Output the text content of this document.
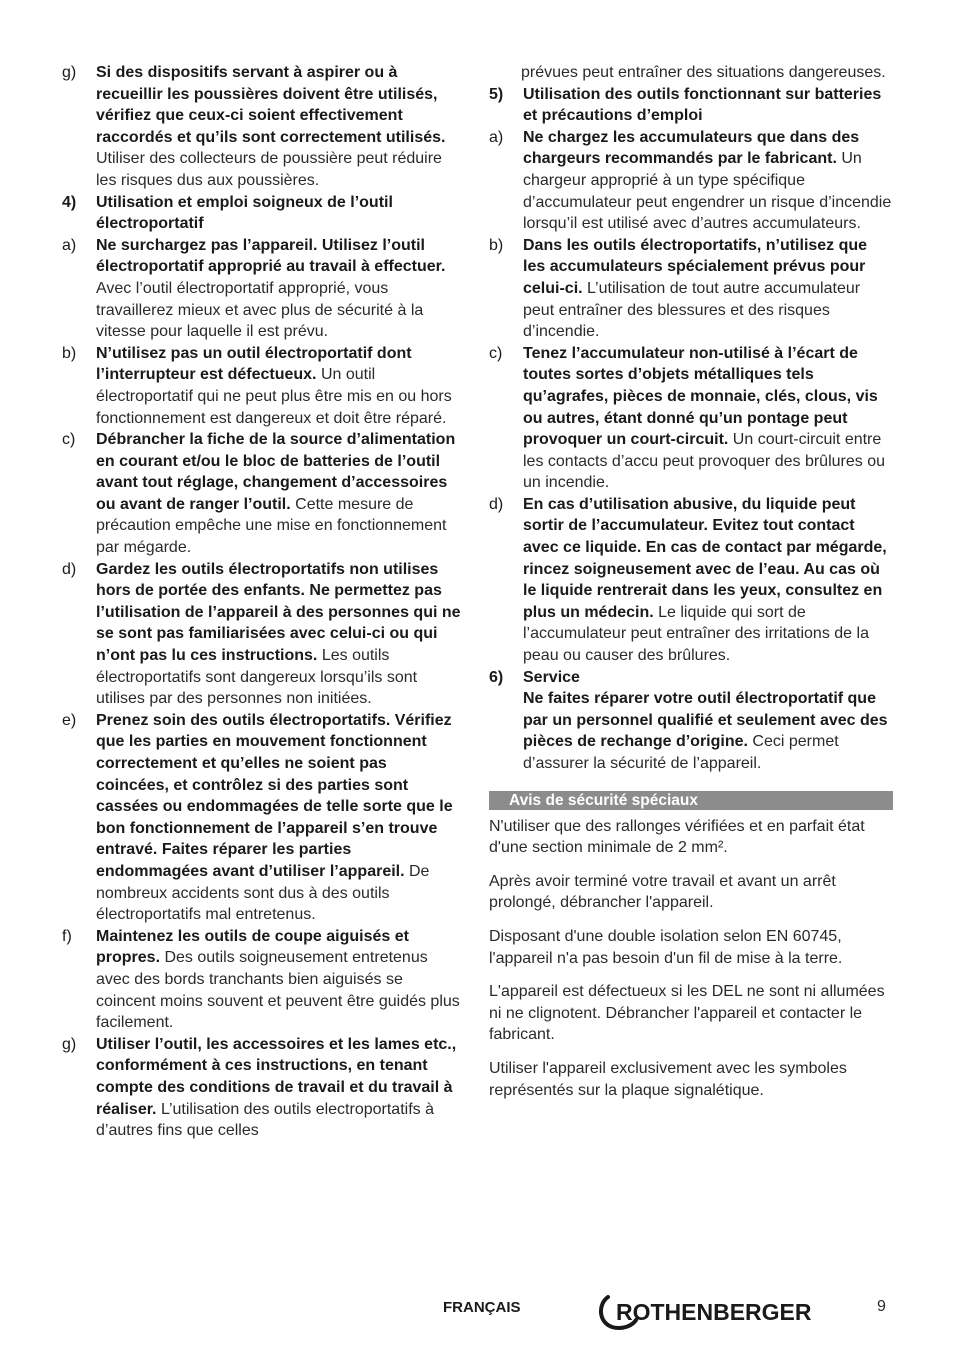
g) Si des dispositifs servant à aspirer ou à recueillir les poussières doivent être utilisés, vérifiez que ceux-ci soient effectivement raccordés et qu’ils sont correctement utilisés. Utiliser des collecteurs de poussière peut réduire les risques dus aux poussières.
4) Utilisation et emploi soigneux de l’outil électroportatif
a) Ne surchargez pas l’appareil. Utilisez l’outil électroportatif approprié au travail à effectuer. Avec l’outil électroportatif approprié, vous travaillerez mieux et avec plus de sécurité à la vitesse pour laquelle il est prévu.
b) N’utilisez pas un outil électroportatif dont l’interrupteur est défectueux. Un outil électroportatif qui ne peut plus être mis en ou hors fonctionnement est dangereux et doit être réparé.
c) Débrancher la fiche de la source d’alimentation en courant et/ou le bloc de batteries de l’outil avant tout réglage, changement d’accessoires ou avant de ranger l’outil. Cette mesure de précaution empêche une mise en fonctionnement par mégarde.
d) Gardez les outils électroportatifs non utilises hors de portée des enfants. Ne permettez pas l’utilisation de l’appareil à des personnes qui ne se sont pas familiarisées avec celui-ci ou qui n’ont pas lu ces instructions. Les outils électroportatifs sont dangereux lorsqu’ils sont utilises par des personnes non initiées.
e) Prenez soin des outils électroportatifs. Vérifiez que les parties en mouvement fonctionnent correctement et qu’elles ne soient pas coincées, et contrôlez si des parties sont cassées ou endommagées de telle sorte que le bon fonctionnement de l’appareil s’en trouve entravé. Faites réparer les parties endommagées avant d’utiliser l’appareil. De nombreux accidents sont dus à des outils électroportatifs mal entretenus.
f) Maintenez les outils de coupe aiguisés et propres. Des outils soigneusement entretenus avec des bords tranchants bien aiguisés se coincent moins souvent et peuvent être guidés plus facilement.
g) Utiliser l’outil, les accessoires et les lames etc., conformément à ces instructions, en tenant compte des conditions de travail et du travail à réaliser. L’utilisation des outils electroportatifs à d’autres fins que celles
prévues peut entraîner des situations dangereuses.
5) Utilisation des outils fonctionnant sur batteries et précautions d’emploi
a) Ne chargez les accumulateurs que dans des chargeurs recommandés par le fabricant. Un chargeur approprié à un type spécifique d’accumulateur peut engendrer un risque d’incendie lorsqu’il est utilisé avec d’autres accumulateurs.
b) Dans les outils électroportatifs, n’utilisez que les accumulateurs spécialement prévus pour celui-ci. L’utilisation de tout autre accumulateur peut entraîner des blessures et des risques d’incendie.
c) Tenez l’accumulateur non-utilisé à l’écart de toutes sortes d’objets métalliques tels qu’agrafes, pièces de monnaie, clés, clous, vis ou autres, étant donné qu’un pontage peut provoquer un court-circuit. Un court-circuit entre les contacts d’accu peut provoquer des brûlures ou un incendie.
d) En cas d’utilisation abusive, du liquide peut sortir de l’accumulateur. Evitez tout contact avec ce liquide. En cas de contact par mégarde, rincez soigneusement avec de l’eau. Au cas où le liquide rentrerait dans les yeux, consultez en plus un médecin. Le liquide qui sort de l’accumulateur peut entraîner des irritations de la peau ou causer des brûlures.
6) Service
Ne faites réparer votre outil électroportatif que par un personnel qualifié et seulement avec des pièces de rechange d’origine. Ceci permet d’assurer la sécurité de l’appareil.
Avis de sécurité spéciaux

N'utiliser que des rallonges vérifiées et en parfait état d'une section minimale de 2 mm².

Après avoir terminé votre travail et avant un arrêt prolongé, débrancher l'appareil.

Disposant d'une double isolation selon EN 60745, l'appareil n'a pas besoin d'un fil de mise à la terre.

L'appareil est défectueux si les DEL ne sont ni allumées ni ne clignotent. Débrancher l'appareil et contacter le fabricant.

Utiliser l'appareil exclusivement avec les symboles représentés sur la plaque signalétique.

FRANÇAIS	ROTHENBERGER	9
